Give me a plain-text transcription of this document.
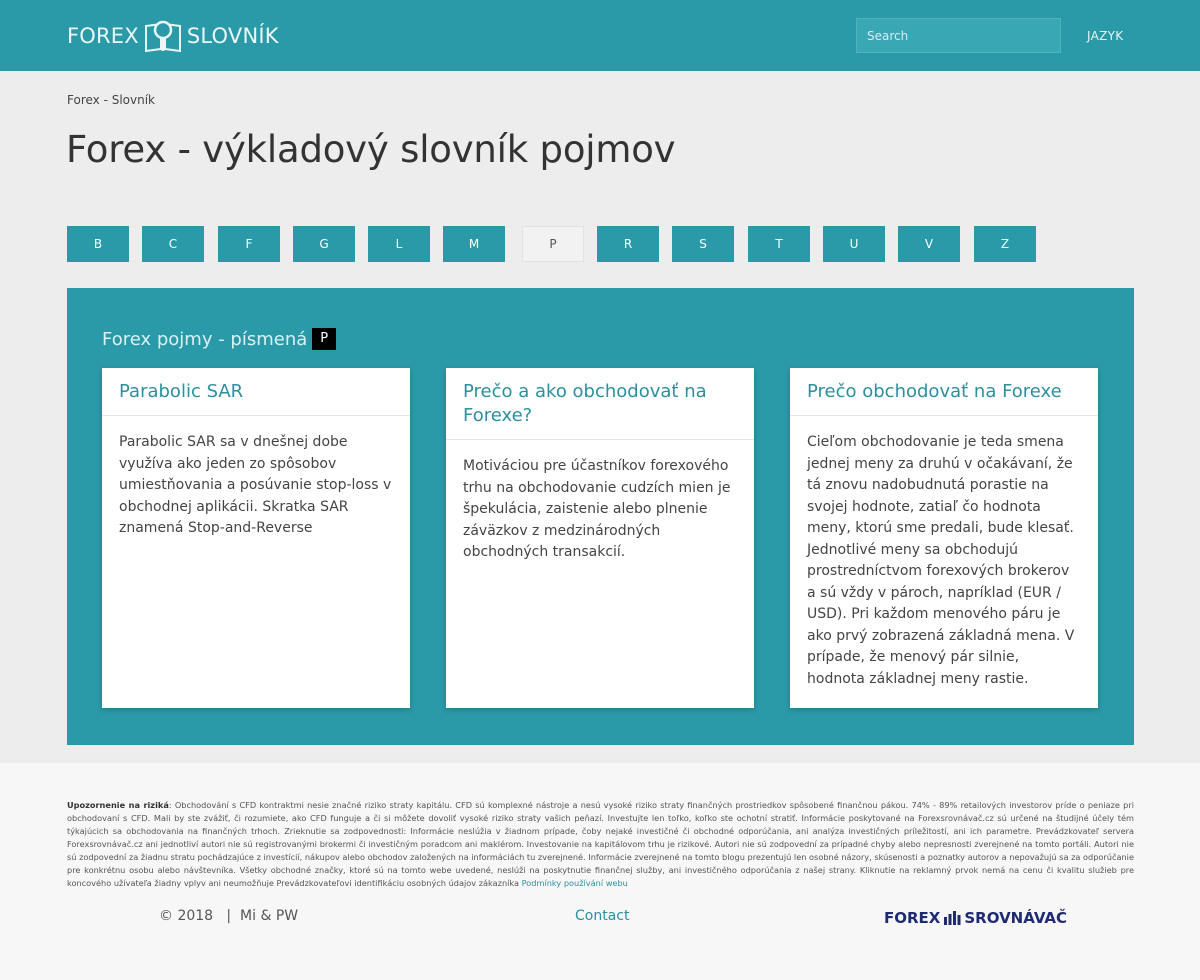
FOREX SLOVNÍK
Search	JAZYK
Forex - Slovník
Forex - výkladový slovník pojmov
B	C	F	G	L	M	P	R	S	T	U	V	Z
Forex pojmy - písmená	P
Parabolic SAR

Parabolic SAR sa v dnešnej dobe využíva ako jeden zo spôsobov umiestňovania a posúvanie stop-loss v obchodnej aplikácii. Skratka SAR znamená Stop-and-Reverse

Prečo a ako obchodovať na Forexe?

Motiváciou pre účastníkov forexového trhu na obchodovanie cudzích mien je špekulácia, zaistenie alebo plnenie záväzkov z medzinárodných obchodných transakcií.

Prečo obchodovať na Forexe

Cieľom obchodovanie je teda smena jednej meny za druhú v očakávaní, že tá znovu nadobudnutá porastie na svojej hodnote, zatiaľ čo hodnota meny, ktorú sme predali, bude klesať. Jednotlivé meny sa obchodujú prostredníctvom forexových brokerov a sú vždy v pároch, napríklad (EUR / USD). Pri každom menového páru je ako prvý zobrazená základná mena. V prípade, že menový pár silnie, hodnota základnej meny rastie.

Upozornenie na riziká: Obchodování s CFD kontraktmi nesie značné riziko straty kapitálu. CFD sú komplexné nástroje a nesú vysoké riziko straty finančných prostriedkov spôsobené finančnou pákou. 74% - 89% retailových investorov príde o peniaze pri obchodovaní s CFD. Mali by ste zvážiť, či rozumiete, ako CFD funguje a či si môžete dovoliť vysoké riziko straty vašich peňazí. Investujte len toľko, koľko ste ochotní stratiť. Informácie poskytované na Forexsrovnávač.cz sú určené na študijné účely tém týkajúcich sa obchodovania na finančných trhoch. Zrieknutie sa zodpovednosti: Informácie neslúžia v žiadnom prípade, čoby nejaké investičné či obchodné odporúčania, ani analýza investičných príležitostí, ani ich parametre. Prevádzkovateľ servera Forexsrovnávač.cz ani jednotliví autori nie sú registrovanými brokermi či investičným poradcom ani maklérom. Investovanie na kapitálovom trhu je rizikové. Autori nie sú zodpovední za prípadné chyby alebo nepresnosti zverejnené na tomto portáli. Autori nie sú zodpovední za žiadnu stratu pochádzajúce z investícií, nákupov alebo obchodov založených na informáciách tu zverejnené. Informácie zverejnené na tomto blogu prezentujú len osobné názory, skúsenosti a poznatky autorov a nepovažujú sa za odporúčanie pre konkrétnu osobu alebo návštevníka. Všetky obchodné značky, ktoré sú na tomto webe uvedené, neslúži na poskytnutie finančnej služby, ani investičného odporúčania z našej strany. Kliknutie na reklamný prvok nemá na cenu či kvalitu služieb pre koncového užívateľa žiadny vplyv ani neumožňuje Prevádzkovateľovi identifikáciu osobných údajov zákazníka Podmínky používání webu

© 2018   |  Mi & PW	Contact	FOREX SROVNÁVAČ
